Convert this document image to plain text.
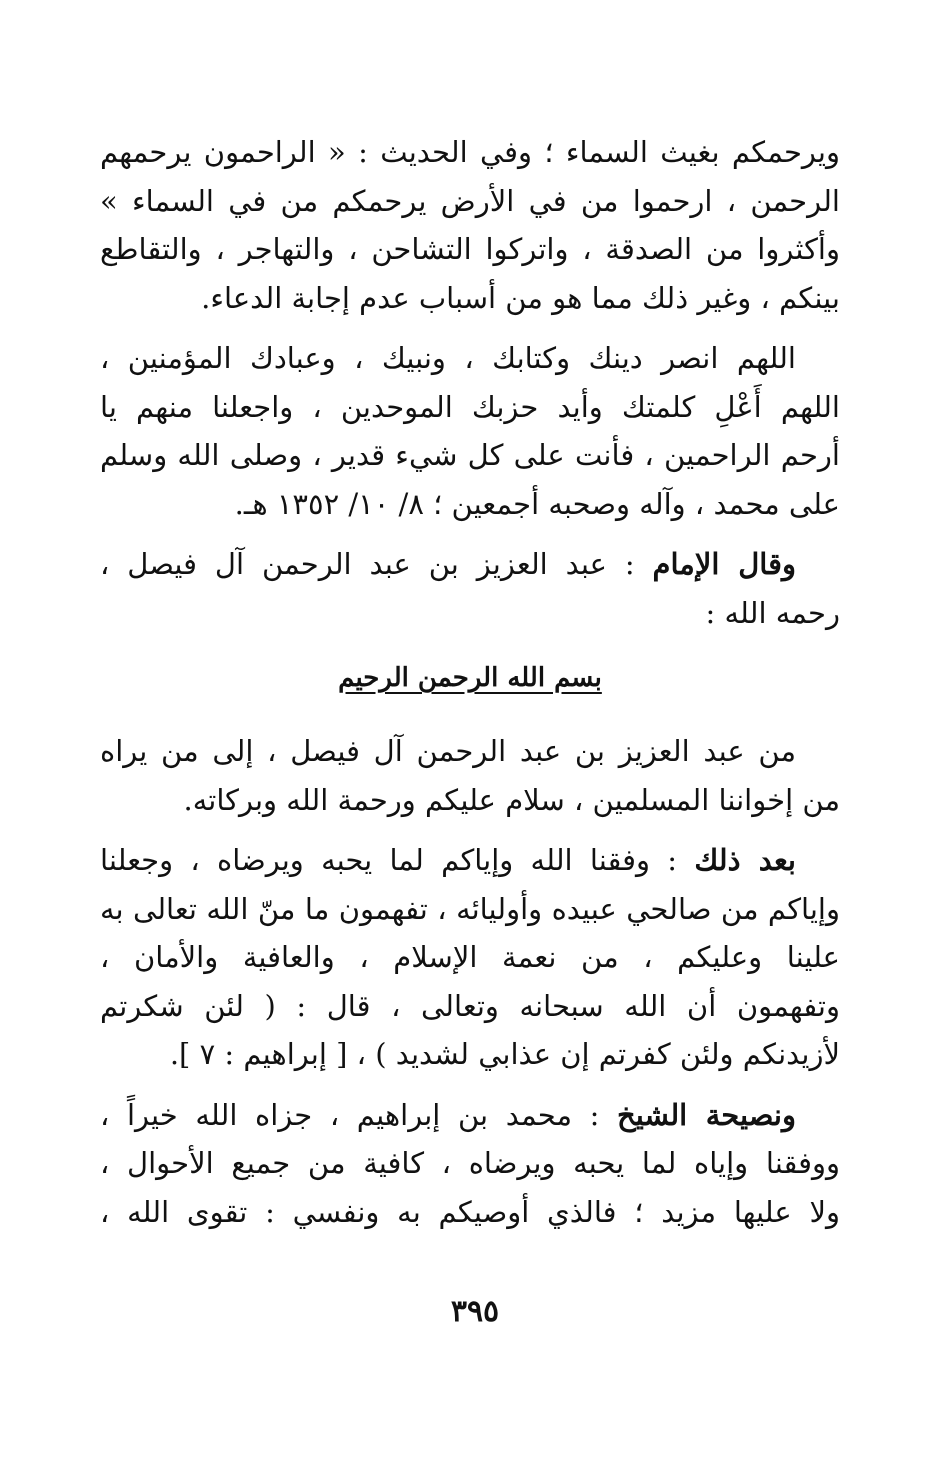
ويرحمكم بغيث السماء ؛ وفي الحديث : « الراحمون يرحمهم
الرحمن ، ارحموا من في الأرض يرحمكم من في السماء »
وأكثروا من الصدقة ، واتركوا التشاحن ، والتهاجر ، والتقاطع
بينكم ، وغير ذلك مما هو من أسباب عدم إجابة الدعاء.
اللهم انصر دينك وكتابك ، ونبيك ، وعبادك المؤمنين ،
اللهم أَعْلِ كلمتك وأيد حزبك الموحدين ، واجعلنا منهم يا
أرحم الراحمين ، فأنت على كل شيء قدير ، وصلى الله وسلم
على محمد ، وآله وصحبه أجمعين ؛ ٨/ ١٠/ ١٣٥٢ هـ.
وقال الإمام : عبد العزيز بن عبد الرحمن آل فيصل ،
رحمه الله :
بسم الله الرحمن الرحيم
من عبد العزيز بن عبد الرحمن آل فيصل ، إلى من يراه
من إخواننا المسلمين ، سلام عليكم ورحمة الله وبركاته.
بعد ذلك : وفقنا الله وإياكم لما يحبه ويرضاه ، وجعلنا
وإياكم من صالحي عبيده وأوليائه ، تفهمون ما منّ الله تعالى به
علينا وعليكم ، من نعمة الإسلام ، والعافية والأمان ،
وتفهمون أن الله سبحانه وتعالى ، قال : ( لئن شكرتم
لأزيدنكم ولئن كفرتم إن عذابي لشديد ) ، [ إبراهيم : ٧ ].
ونصيحة الشيخ : محمد بن إبراهيم ، جزاه الله خيراً ،
ووفقنا وإياه لما يحبه ويرضاه ، كافية من جميع الأحوال ،
ولا عليها مزيد ؛ فالذي أوصيكم به ونفسي : تقوى الله ،
٣٩٥
